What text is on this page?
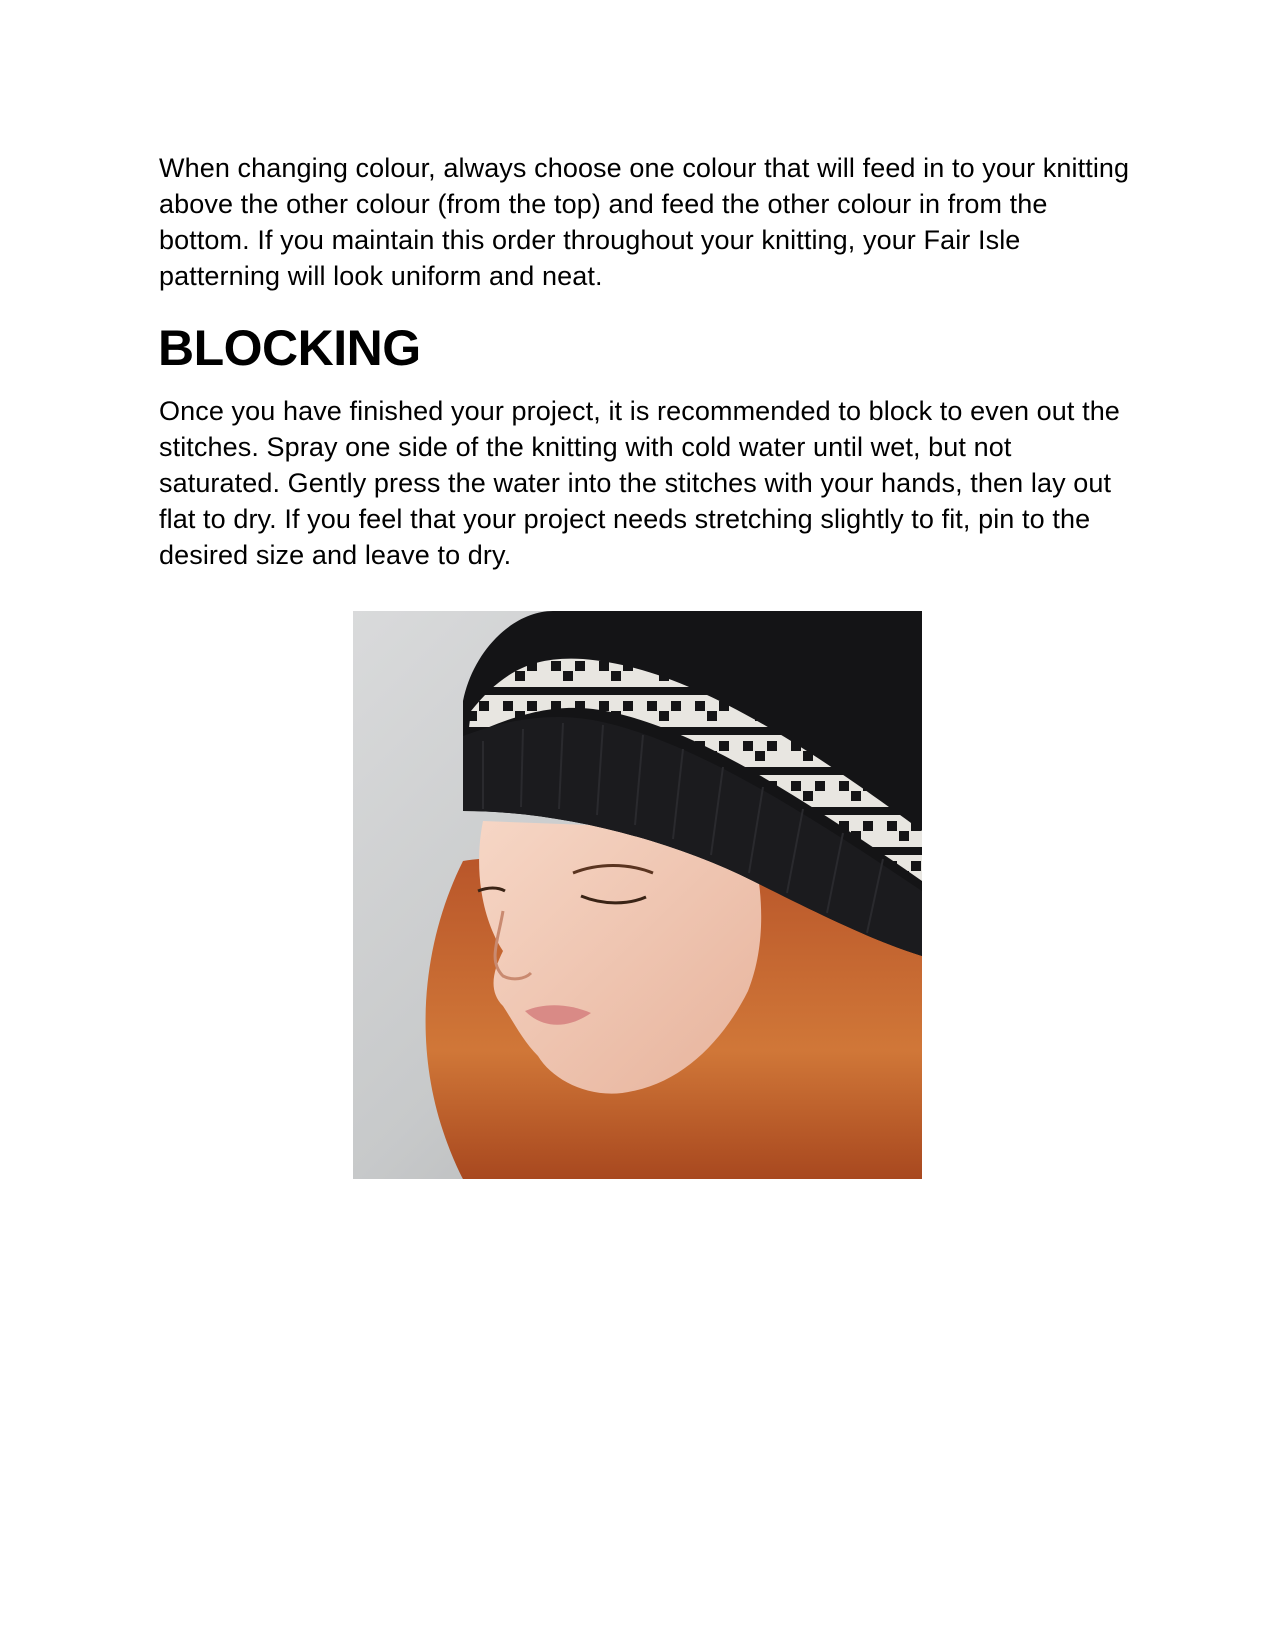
When changing colour, always choose one colour that will feed in to your knitting above the other colour (from the top) and feed the other colour in from the bottom. If you maintain this order throughout your knitting, your Fair Isle patterning will look uniform and neat.

BLOCKING

Once you have finished your project, it is recommended to block to even out the stitches. Spray one side of the knitting with cold water until wet, but not saturated. Gently press the water into the stitches with your hands, then lay out flat to dry. If you feel that your project needs stretching slightly to fit, pin to the desired size and leave to dry.
